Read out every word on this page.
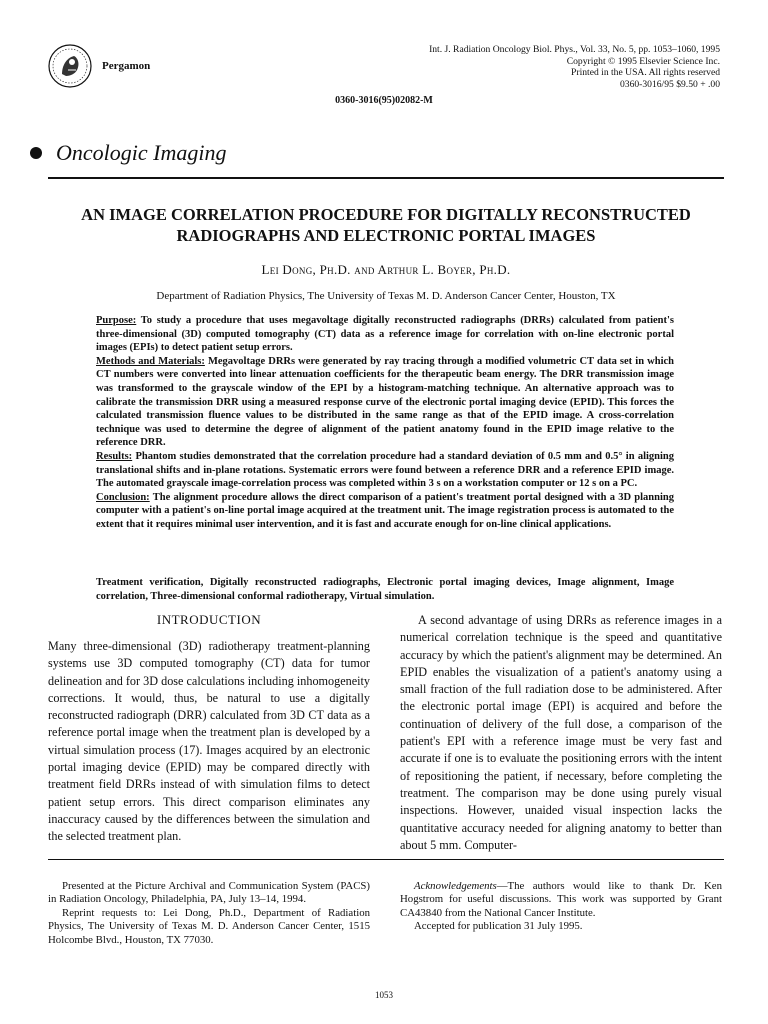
Pergamon
Int. J. Radiation Oncology Biol. Phys., Vol. 33, No. 5, pp. 1053–1060, 1995
Copyright © 1995 Elsevier Science Inc.
Printed in the USA. All rights reserved
0360-3016/95 $9.50 + .00
0360-3016(95)02082-M
Oncologic Imaging
AN IMAGE CORRELATION PROCEDURE FOR DIGITALLY RECONSTRUCTED
RADIOGRAPHS AND ELECTRONIC PORTAL IMAGES
Lei Dong, Ph.D. and Arthur L. Boyer, Ph.D.
Department of Radiation Physics, The University of Texas M. D. Anderson Cancer Center, Houston, TX

Purpose: To study a procedure that uses megavoltage digitally reconstructed radiographs (DRRs) calculated from patient's three-dimensional (3D) computed tomography (CT) data as a reference image for correlation with on-line electronic portal images (EPIs) to detect patient setup errors.

Methods and Materials: Megavoltage DRRs were generated by ray tracing through a modified volumetric CT data set in which CT numbers were converted into linear attenuation coefficients for the therapeutic beam energy. The DRR transmission image was transformed to the grayscale window of the EPI by a histogram-matching technique. An alternative approach was to calibrate the transmission DRR using a measured response curve of the electronic portal imaging device (EPID). This forces the calculated transmission fluence values to be distributed in the same range as that of the EPID image. A cross-correlation technique was used to determine the degree of alignment of the patient anatomy found in the EPID image relative to the reference DRR.

Results: Phantom studies demonstrated that the correlation procedure had a standard deviation of 0.5 mm and 0.5° in aligning translational shifts and in-plane rotations. Systematic errors were found between a reference DRR and a reference EPID image. The automated grayscale image-correlation process was completed within 3 s on a workstation computer or 12 s on a PC.

Conclusion: The alignment procedure allows the direct comparison of a patient's treatment portal designed with a 3D planning computer with a patient's on-line portal image acquired at the treatment unit. The image registration process is automated to the extent that it requires minimal user intervention, and it is fast and accurate enough for on-line clinical applications.

Treatment verification, Digitally reconstructed radiographs, Electronic portal imaging devices, Image alignment, Image correlation, Three-dimensional conformal radiotherapy, Virtual simulation.
INTRODUCTION

Many three-dimensional (3D) radiotherapy treatment-planning systems use 3D computed tomography (CT) data for tumor delineation and for 3D dose calculations including inhomogeneity corrections. It would, thus, be natural to use a digitally reconstructed radiograph (DRR) calculated from 3D CT data as a reference portal image when the treatment plan is developed by a virtual simulation process (17). Images acquired by an electronic portal imaging device (EPID) may be compared directly with treatment field DRRs instead of with simulation films to detect patient setup errors. This direct comparison eliminates any inaccuracy caused by the differences between the simulation and the selected treatment plan.

A second advantage of using DRRs as reference images in a numerical correlation technique is the speed and quantitative accuracy by which the patient's alignment may be determined. An EPID enables the visualization of a patient's anatomy using a small fraction of the full radiation dose to be administered. After the electronic portal image (EPI) is acquired and before the continuation of delivery of the full dose, a comparison of the patient's EPI with a reference image must be very fast and accurate if one is to evaluate the positioning errors with the intent of repositioning the patient, if necessary, before completing the treatment. The comparison may be done using purely visual inspections. However, unaided visual inspection lacks the quantitative accuracy needed for aligning anatomy to better than about 5 mm. Computer-

Presented at the Picture Archival and Communication System (PACS) in Radiation Oncology, Philadelphia, PA, July 13–14, 1994.

Reprint requests to: Lei Dong, Ph.D., Department of Radiation Physics, The University of Texas M. D. Anderson Cancer Center, 1515 Holcombe Blvd., Houston, TX 77030.

Acknowledgements—The authors would like to thank Dr. Ken Hogstrom for useful discussions. This work was supported by Grant CA43840 from the National Cancer Institute.

Accepted for publication 31 July 1995.

1053
